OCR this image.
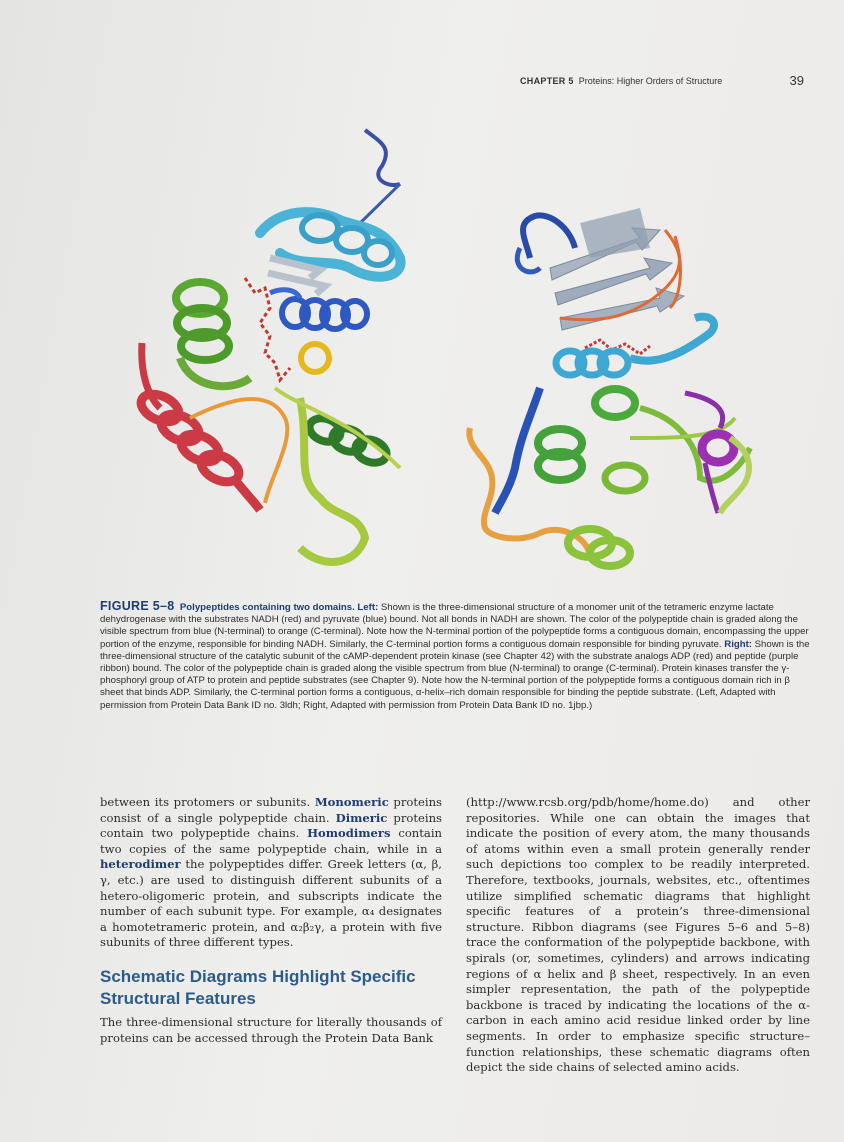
CHAPTER 5 Proteins: Higher Orders of Structure	39
FIGURE 5–8 Polypeptides containing two domains. Left: Shown is the three-dimensional structure of a monomer unit of the tetrameric enzyme lactate dehydrogenase with the substrates NADH (red) and pyruvate (blue) bound. Not all bonds in NADH are shown. The color of the polypeptide chain is graded along the visible spectrum from blue (N-terminal) to orange (C-terminal). Note how the N-terminal portion of the polypeptide forms a contiguous domain, encompassing the upper portion of the enzyme, responsible for binding NADH. Similarly, the C-terminal portion forms a contiguous domain responsible for binding pyruvate. Right: Shown is the three-dimensional structure of the catalytic subunit of the cAMP-dependent protein kinase (see Chapter 42) with the substrate analogs ADP (red) and peptide (purple ribbon) bound. The color of the polypeptide chain is graded along the visible spectrum from blue (N-terminal) to orange (C-terminal). Protein kinases transfer the γ-phosphoryl group of ATP to protein and peptide substrates (see Chapter 9). Note how the N-terminal portion of the polypeptide forms a contiguous domain rich in β sheet that binds ADP. Similarly, the C-terminal portion forms a contiguous, α-helix–rich domain responsible for binding the peptide substrate. (Left, Adapted with permission from Protein Data Bank ID no. 3ldh; Right, Adapted with permission from Protein Data Bank ID no. 1jbp.)
between its protomers or subunits. Monomeric proteins consist of a single polypeptide chain. Dimeric proteins contain two polypeptide chains. Homodimers contain two copies of the same polypeptide chain, while in a heterodimer the polypeptides differ. Greek letters (α, β, γ, etc.) are used to distinguish different subunits of a hetero-oligomeric protein, and subscripts indicate the number of each subunit type. For example, α₄ designates a homotetrameric protein, and α₂β₂γ, a protein with five subunits of three different types.
Schematic Diagrams Highlight Specific Structural Features
The three-dimensional structure for literally thousands of proteins can be accessed through the Protein Data Bank
(http://www.rcsb.org/pdb/home/home.do) and other repositories. While one can obtain the images that indicate the position of every atom, the many thousands of atoms within even a small protein generally render such depictions too complex to be readily interpreted. Therefore, textbooks, journals, websites, etc., oftentimes utilize simplified schematic diagrams that highlight specific features of a protein’s three-dimensional structure. Ribbon diagrams (see Figures 5–6 and 5–8) trace the conformation of the polypeptide backbone, with spirals (or, sometimes, cylinders) and arrows indicating regions of α helix and β sheet, respectively. In an even simpler representation, the path of the polypeptide backbone is traced by indicating the locations of the α-carbon in each amino acid residue linked order by line segments. In order to emphasize specific structure–function relationships, these schematic diagrams often depict the side chains of selected amino acids.
